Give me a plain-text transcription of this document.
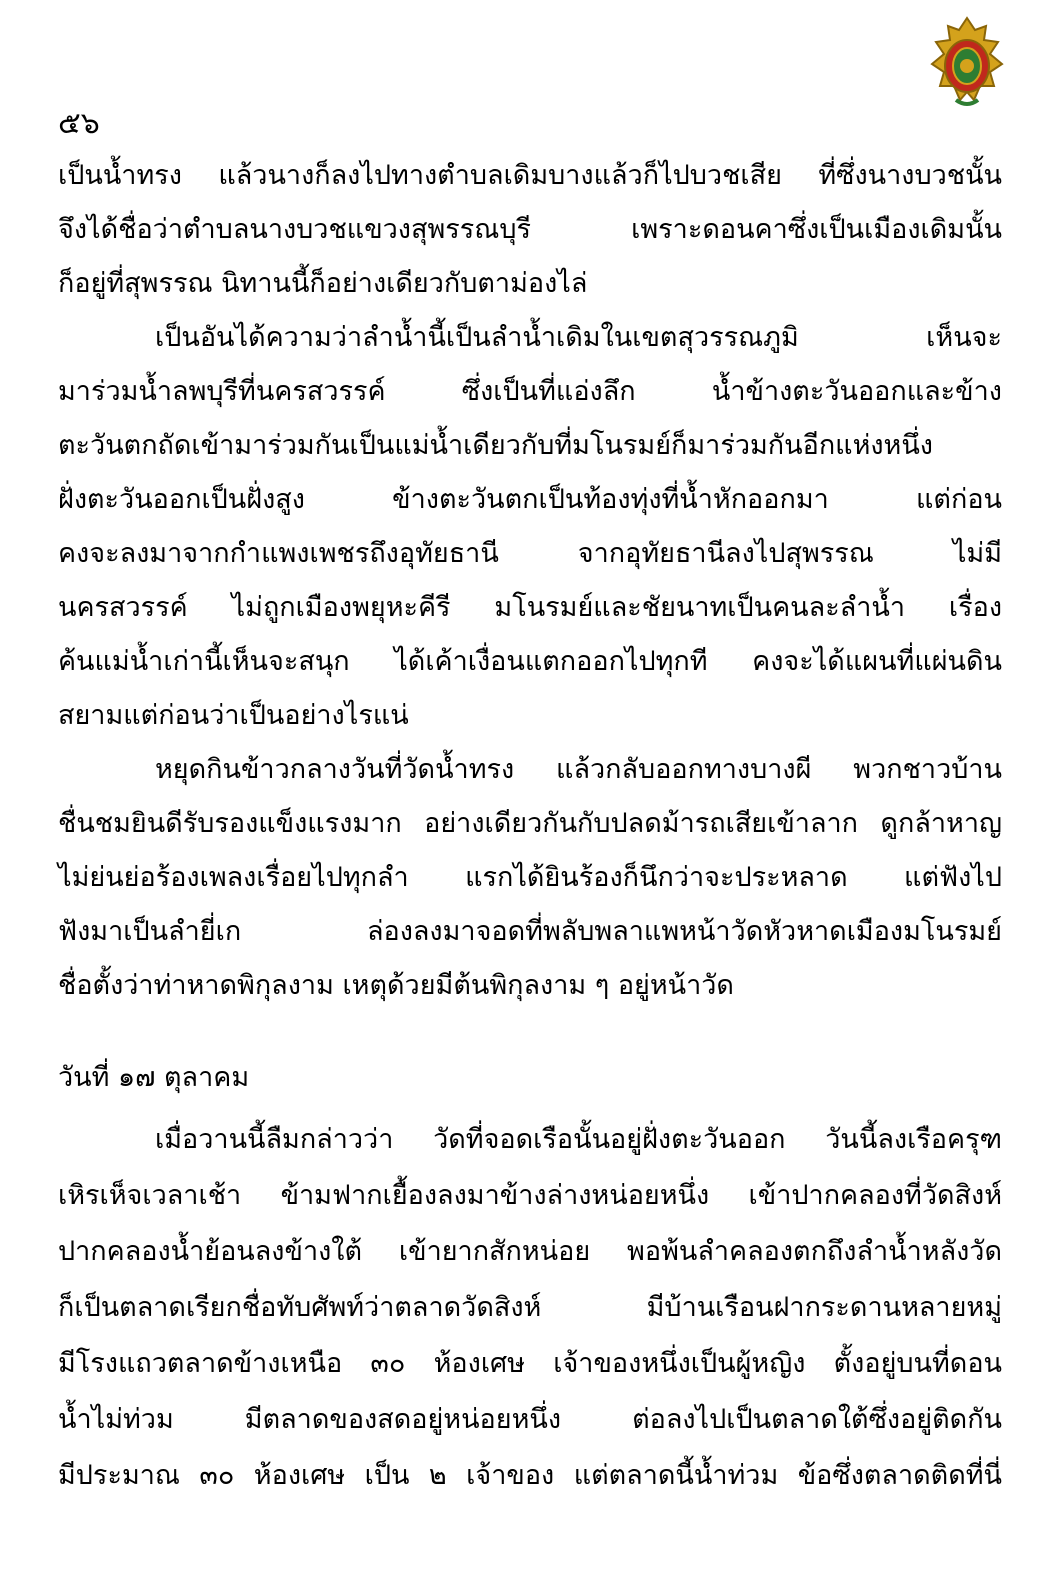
๕๖
เป็นน้ำทรง แล้วนางก็ลงไปทางตำบลเดิมบางแล้วก็ไปบวชเสีย ที่ซึ่งนางบวชนั้น
จึงได้ชื่อว่าตำบลนางบวชแขวงสุพรรณบุรี เพราะดอนคาซึ่งเป็นเมืองเดิมนั้น
ก็อยู่ที่สุพรรณ นิทานนี้ก็อย่างเดียวกับตาม่องไล่
เป็นอันได้ความว่าลำน้ำนี้เป็นลำน้ำเดิมในเขตสุวรรณภูมิ เห็นจะ
มาร่วมน้ำลพบุรีที่นครสวรรค์ ซึ่งเป็นที่แอ่งลึก น้ำข้างตะวันออกและข้าง
ตะวันตกถัดเข้ามาร่วมกันเป็นแม่น้ำเดียวกับที่มโนรมย์ก็มาร่วมกันอีกแห่งหนึ่ง
ฝั่งตะวันออกเป็นฝั่งสูง ข้างตะวันตกเป็นท้องทุ่งที่น้ำหักออกมา แต่ก่อน
คงจะลงมาจากกำแพงเพชรถึงอุทัยธานี จากอุทัยธานีลงไปสุพรรณ ไม่มี
นครสวรรค์ ไม่ถูกเมืองพยุหะคีรี มโนรมย์และชัยนาทเป็นคนละลำน้ำ เรื่อง
ค้นแม่น้ำเก่านี้เห็นจะสนุก ได้เค้าเงื่อนแตกออกไปทุกที คงจะได้แผนที่แผ่นดิน
สยามแต่ก่อนว่าเป็นอย่างไรแน่
หยุดกินข้าวกลางวันที่วัดน้ำทรง แล้วกลับออกทางบางผี พวกชาวบ้าน
ชื่นชมยินดีรับรองแข็งแรงมาก อย่างเดียวกันกับปลดม้ารถเสียเข้าลาก ดูกล้าหาญ
ไม่ย่นย่อร้องเพลงเรื่อยไปทุกลำ แรกได้ยินร้องก็นึกว่าจะประหลาด แต่ฟังไป
ฟังมาเป็นลำยี่เก ล่องลงมาจอดที่พลับพลาแพหน้าวัดหัวหาดเมืองมโนรมย์
ชื่อตั้งว่าท่าหาดพิกุลงาม เหตุด้วยมีต้นพิกุลงาม ๆ อยู่หน้าวัด
วันที่ ๑๗ ตุลาคม
เมื่อวานนี้ลืมกล่าวว่า วัดที่จอดเรือนั้นอยู่ฝั่งตะวันออก วันนี้ลงเรือครุฑ
เหิรเห็จเวลาเช้า ข้ามฟากเยื้องลงมาข้างล่างหน่อยหนึ่ง เข้าปากคลองที่วัดสิงห์
ปากคลองน้ำย้อนลงข้างใต้ เข้ายากสักหน่อย พอพ้นลำคลองตกถึงลำน้ำหลังวัด
ก็เป็นตลาดเรียกชื่อทับศัพท์ว่าตลาดวัดสิงห์ มีบ้านเรือนฝากระดานหลายหมู่
มีโรงแถวตลาดข้างเหนือ ๓๐ ห้องเศษ เจ้าของหนึ่งเป็นผู้หญิง ตั้งอยู่บนที่ดอน
น้ำไม่ท่วม มีตลาดของสดอยู่หน่อยหนึ่ง ต่อลงไปเป็นตลาดใต้ซึ่งอยู่ติดกัน
มีประมาณ ๓๐ ห้องเศษ เป็น ๒ เจ้าของ แต่ตลาดนี้น้ำท่วม ข้อซึ่งตลาดติดที่นี่
